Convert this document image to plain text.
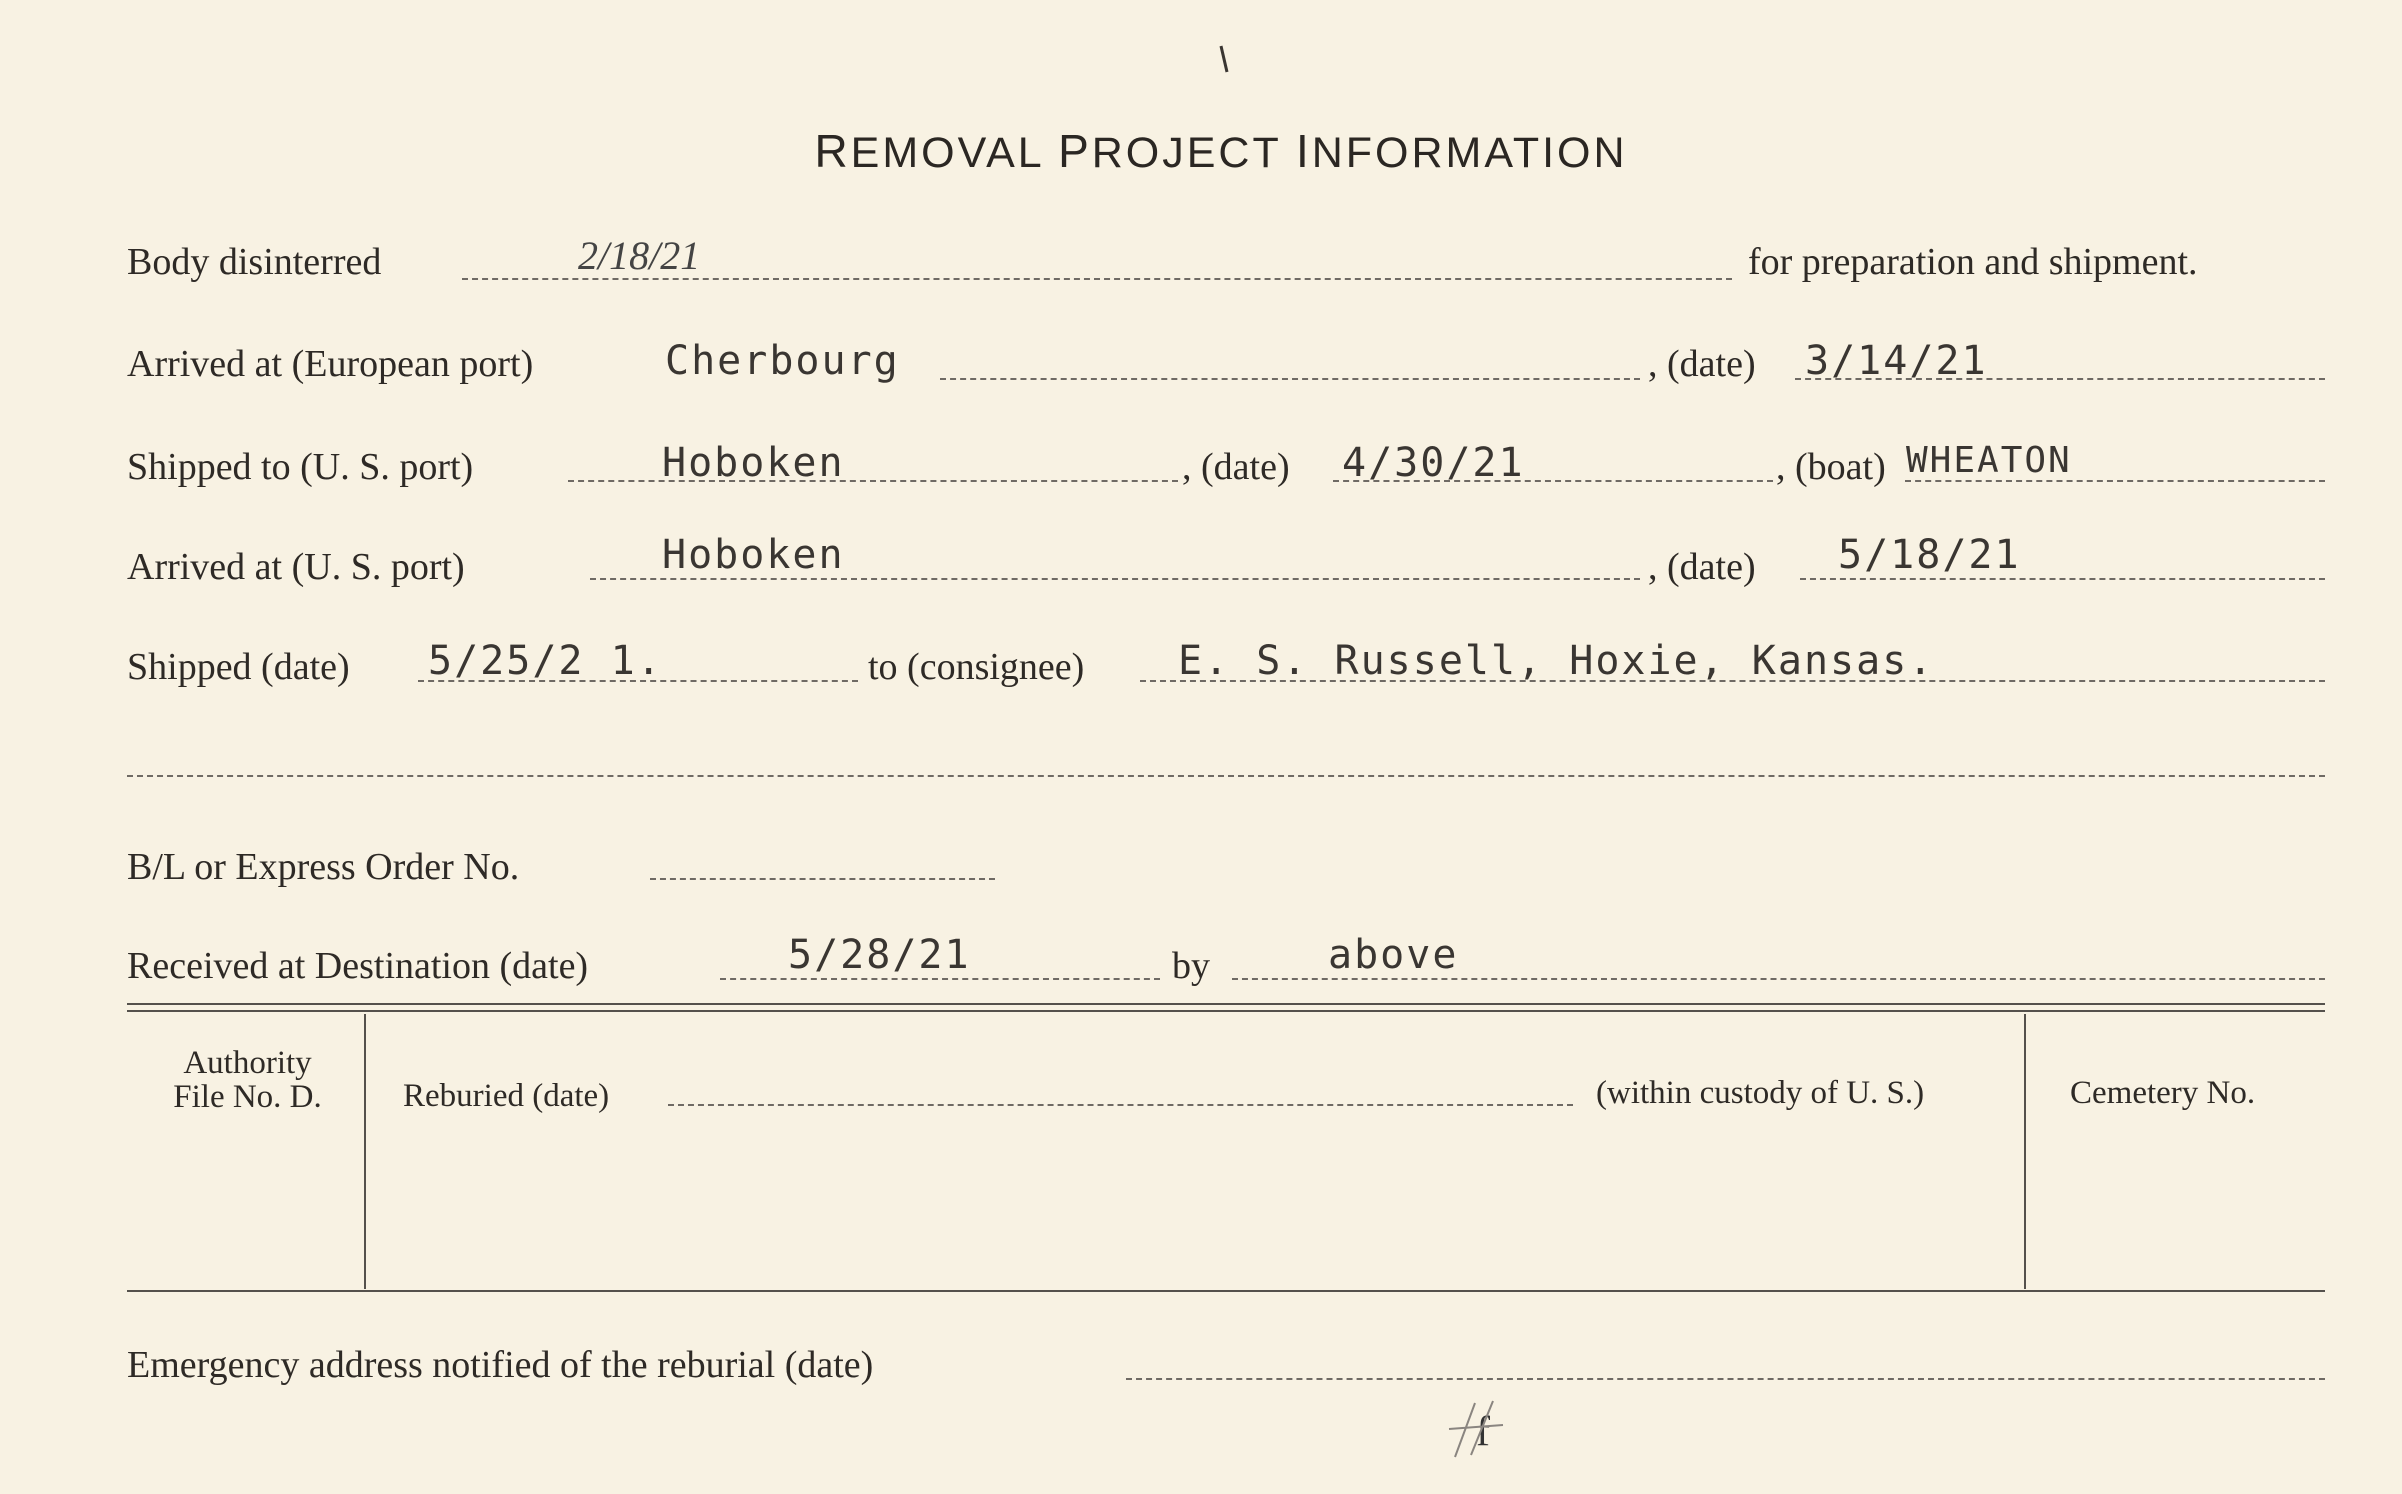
REMOVAL PROJECT INFORMATION
Body disinterred	2/18/21	for preparation and shipment.
Arrived at (European port)	Cherbourg	, (date) 3/14/21
Shipped to (U. S. port)	Hoboken	, (date) 4/30/21	, (boat) WHEATON
Arrived at (U. S. port)	Hoboken	, (date) 5/18/21
Shipped (date) 5/25/2 1.	to (consignee) E. S. Russell, Hoxie, Kansas.
B/L or Express Order No.
Received at Destination (date)	5/28/21	by	above
Authority
File No. D.	Reburied (date)	(within custody of U. S.)	Cemetery No.
Emergency address notified of the reburial (date)
f
